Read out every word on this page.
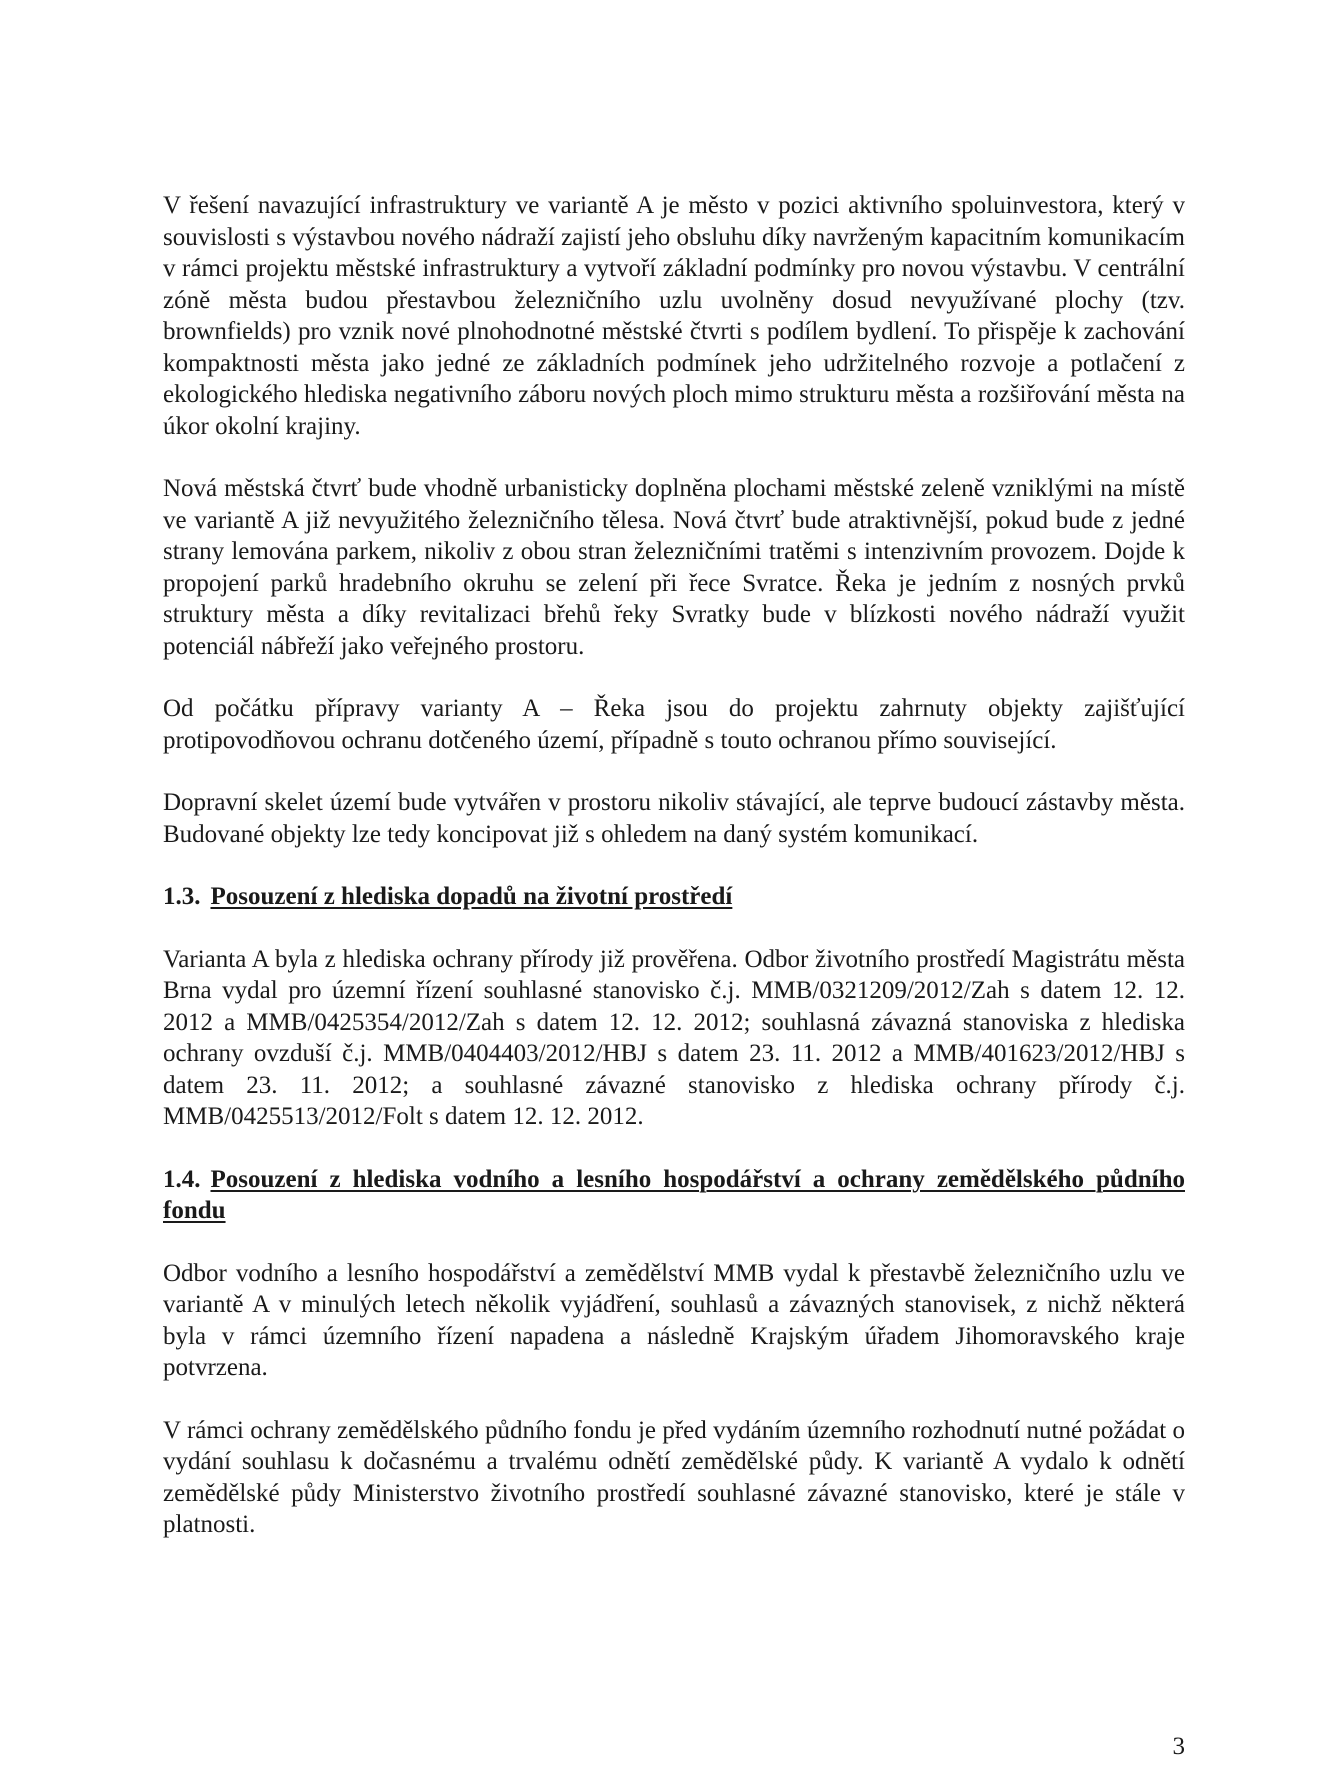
V řešení navazující infrastruktury ve variantě A je město v pozici aktivního spoluinvestora, který v souvislosti s výstavbou nového nádraží zajistí jeho obsluhu díky navrženým kapacitním komunikacím v rámci projektu městské infrastruktury a vytvoří základní podmínky pro novou výstavbu. V centrální zóně města budou přestavbou železničního uzlu uvolněny dosud nevyužívané plochy (tzv. brownfields) pro vznik nové plnohodnotné městské čtvrti s podílem bydlení. To přispěje k zachování kompaktnosti města jako jedné ze základních podmínek jeho udržitelného rozvoje a potlačení z ekologického hlediska negativního záboru nových ploch mimo strukturu města a rozšiřování města na úkor okolní krajiny.

Nová městská čtvrť bude vhodně urbanisticky doplněna plochami městské zeleně vzniklými na místě ve variantě A již nevyužitého železničního tělesa. Nová čtvrť bude atraktivnější, pokud bude z jedné strany lemována parkem, nikoliv z obou stran železničními tratěmi s intenzivním provozem. Dojde k propojení parků hradebního okruhu se zelení při řece Svratce. Řeka je jedním z nosných prvků struktury města a díky revitalizaci břehů řeky Svratky bude v blízkosti nového nádraží využit potenciál nábřeží jako veřejného prostoru.

Od počátku přípravy varianty A – Řeka jsou do projektu zahrnuty objekty zajišťující protipovodňovou ochranu dotčeného území, případně s touto ochranou přímo související.

Dopravní skelet území bude vytvářen v prostoru nikoliv stávající, ale teprve budoucí zástavby města. Budované objekty lze tedy koncipovat již s ohledem na daný systém komunikací.

1.3. Posouzení z hlediska dopadů na životní prostředí

Varianta A byla z hlediska ochrany přírody již prověřena. Odbor životního prostředí Magistrátu města Brna vydal pro územní řízení souhlasné stanovisko č.j. MMB/0321209/2012/Zah s datem 12. 12. 2012 a MMB/0425354/2012/Zah s datem 12. 12. 2012; souhlasná závazná stanoviska z hlediska ochrany ovzduší č.j. MMB/0404403/2012/HBJ s datem 23. 11. 2012 a MMB/401623/2012/HBJ s datem 23. 11. 2012; a souhlasné závazné stanovisko z hlediska ochrany přírody č.j. MMB/0425513/2012/Folt s datem 12. 12. 2012.

1.4. Posouzení z hlediska vodního a lesního hospodářství a ochrany zemědělského půdního fondu

Odbor vodního a lesního hospodářství a zemědělství MMB vydal k přestavbě železničního uzlu ve variantě A v minulých letech několik vyjádření, souhlasů a závazných stanovisek, z nichž některá byla v rámci územního řízení napadena a následně Krajským úřadem Jihomoravského kraje potvrzena.

V rámci ochrany zemědělského půdního fondu je před vydáním územního rozhodnutí nutné požádat o vydání souhlasu k dočasnému a trvalému odnětí zemědělské půdy. K variantě A vydalo k odnětí zemědělské půdy Ministerstvo životního prostředí souhlasné závazné stanovisko, které je stále v platnosti.

3
